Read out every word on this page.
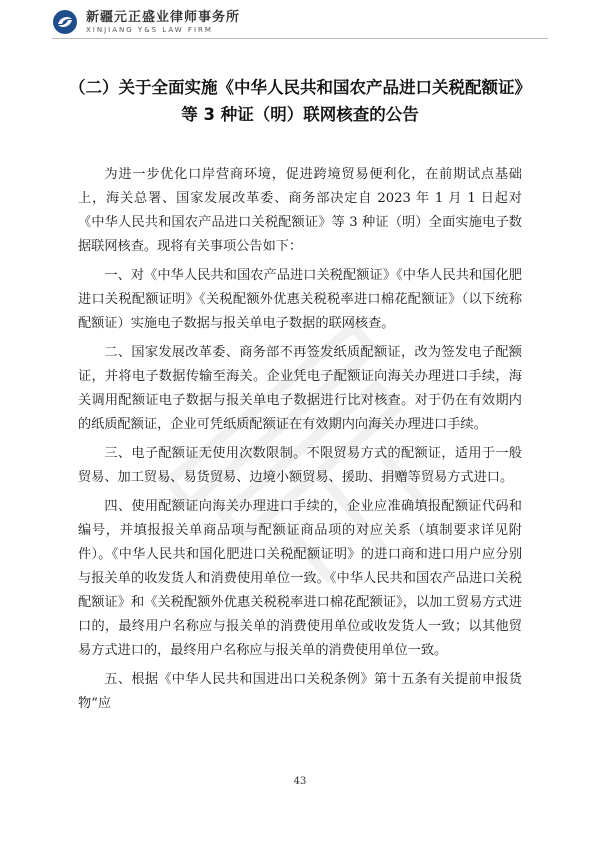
新疆元正盛业律师事务所
XINJIANG Y&S LAW FIRM
（二）关于全面实施《中华人民共和国农产品进口关税配额证》
等 3 种证（明）联网核查的公告

为进一步优化口岸营商环境，促进跨境贸易便利化，在前期试点基础上，海关总署、国家发展改革委、商务部决定自 2023 年 1 月 1 日起对《中华人民共和国农产品进口关税配额证》等 3 种证（明）全面实施电子数据联网核查。现将有关事项公告如下：

一、对《中华人民共和国农产品进口关税配额证》《中华人民共和国化肥进口关税配额证明》《关税配额外优惠关税税率进口棉花配额证》（以下统称配额证）实施电子数据与报关单电子数据的联网核查。

二、国家发展改革委、商务部不再签发纸质配额证，改为签发电子配额证，并将电子数据传输至海关。企业凭电子配额证向海关办理进口手续，海关调用配额证电子数据与报关单电子数据进行比对核查。对于仍在有效期内的纸质配额证，企业可凭纸质配额证在有效期内向海关办理进口手续。

三、电子配额证无使用次数限制。不限贸易方式的配额证，适用于一般贸易、加工贸易、易货贸易、边境小额贸易、援助、捐赠等贸易方式进口。

四、使用配额证向海关办理进口手续的，企业应准确填报配额证代码和编号，并填报报关单商品项与配额证商品项的对应关系（填制要求详见附件）。《中华人民共和国化肥进口关税配额证明》的进口商和进口用户应分别与报关单的收发货人和消费使用单位一致。《中华人民共和国农产品进口关税配额证》和《关税配额外优惠关税税率进口棉花配额证》，以加工贸易方式进口的，最终用户名称应与报关单的消费使用单位或收发货人一致；以其他贸易方式进口的，最终用户名称应与报关单的消费使用单位一致。

五、根据《中华人民共和国进出口关税条例》第十五条有关提前申报货物“应

43
